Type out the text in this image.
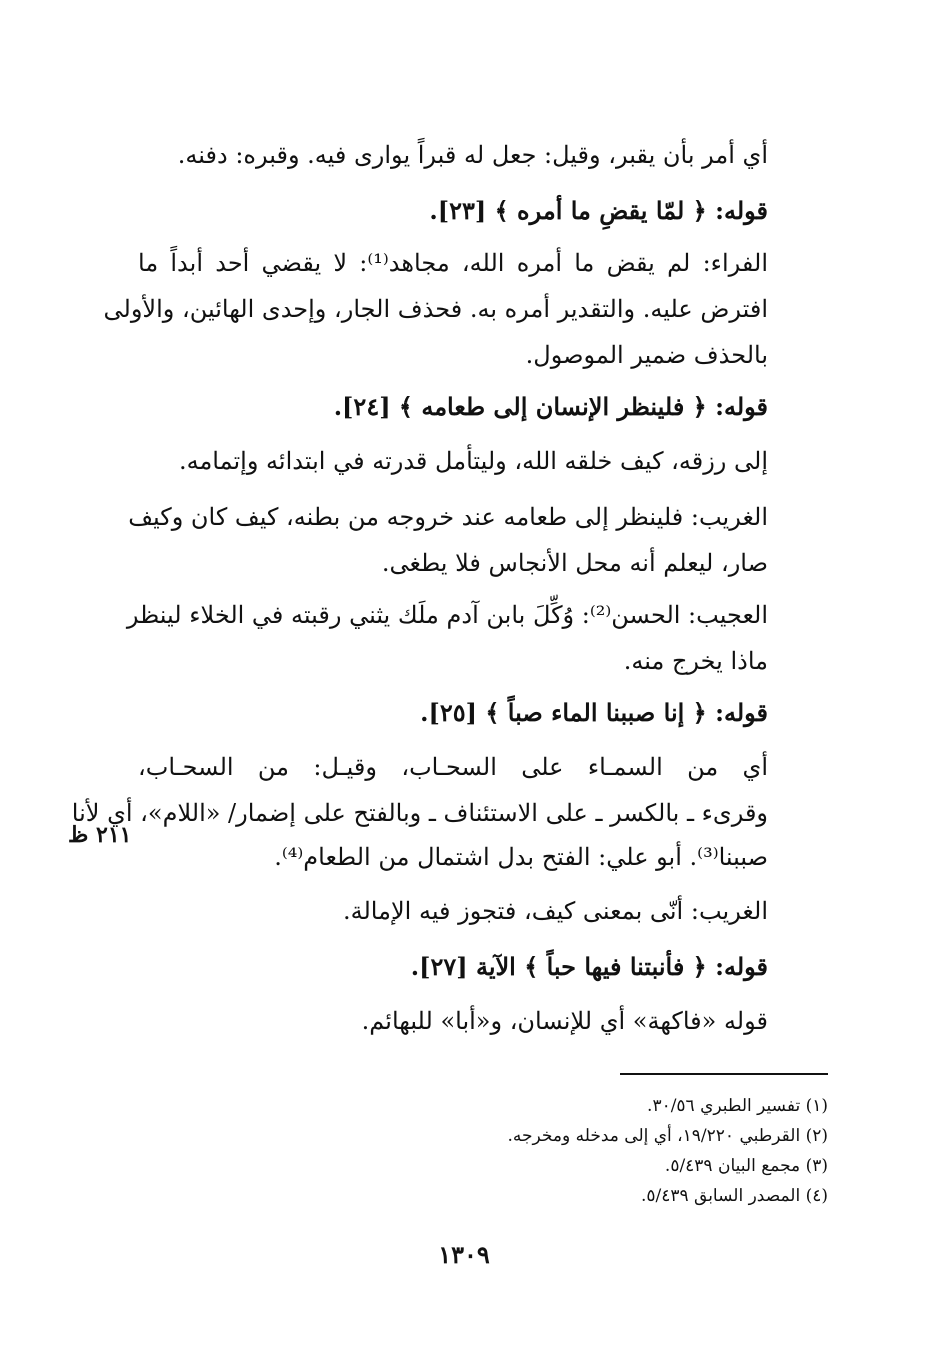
أي أمر بأن يقبر، وقيل: جعل له قبراً يوارى فيه. وقبره: دفنه.
قوله: ﴿ لمّا يقضِ ما أمره ﴾ [٢٣].
الفراء: لم يقض ما أمره الله، مجاهد⁽¹⁾: لا يقضي أحد أبداً ما
افترض عليه. والتقدير أمره به. فحذف الجار، وإحدى الهائين، والأولى
بالحذف ضمير الموصول.
قوله: ﴿ فلينظر الإنسان إلى طعامه ﴾ [٢٤].
إلى رزقه، كيف خلقه الله، وليتأمل قدرته في ابتدائه وإتمامه.
الغريب: فلينظر إلى طعامه عند خروجه من بطنه، كيف كان وكيف
صار، ليعلم أنه محل الأنجاس فلا يطغى.
العجيب: الحسن⁽²⁾: وُكِّلَ بابن آدم ملَك يثني رقبته في الخلاء لينظر
ماذا يخرج منه.
قوله: ﴿ إنا صببنا الماء صباً ﴾ [٢٥].
أي من السمـاء على السحـاب، وقيـل: من السحـاب،
وقرىء ـ بالكسر ـ على الاستئناف ـ وبالفتح على إضمار/ «اللام»، أي لأنا
صببنا⁽³⁾. أبو علي: الفتح بدل اشتمال من الطعام⁽⁴⁾.
الغريب: أنّى بمعنى كيف، فتجوز فيه الإمالة.
قوله: ﴿ فأنبتنا فيها حباً ﴾ الآية [٢٧].
قوله «فاكهة» أي للإنسان، و«أبا» للبهائم.
٢١١ ظ
(١) تفسير الطبري ٣٠/٥٦.
(٢) القرطبي ١٩/٢٢٠، أي إلى مدخله ومخرجه.
(٣) مجمع البيان ٥/٤٣٩.
(٤) المصدر السابق ٥/٤٣٩.
١٣٠٩
